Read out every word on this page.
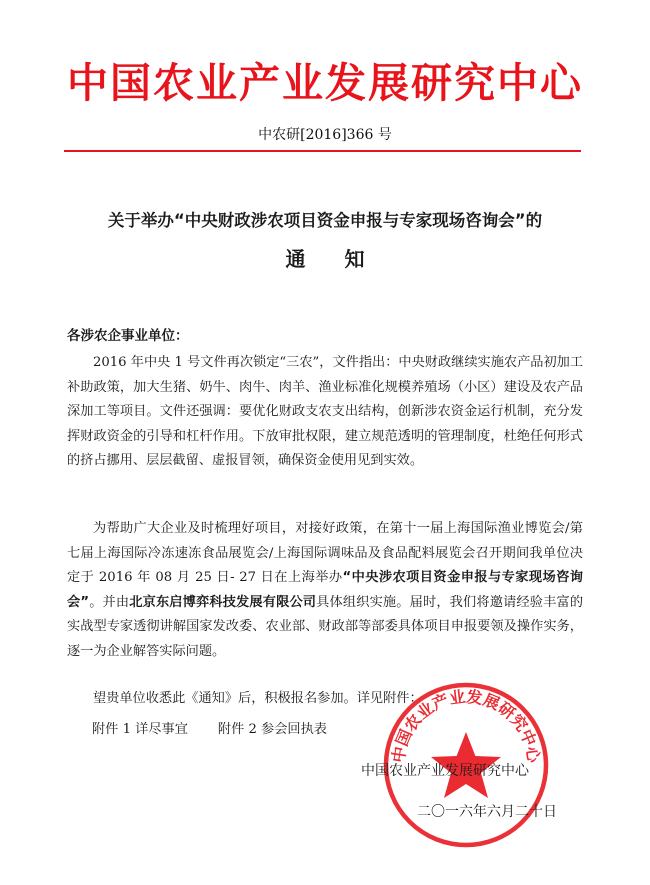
中国农业产业发展研究中心
中农研[2016]366 号
关于举办“中央财政涉农项目资金申报与专家现场咨询会”的
通 知
各涉农企事业单位：

2016 年中央 1 号文件再次锁定“三农”，文件指出：中央财政继续实施农产品初加工补助政策，加大生猪、奶牛、肉牛、肉羊、渔业标准化规模养殖场（小区）建设及农产品深加工等项目。文件还强调：要优化财政支农支出结构，创新涉农资金运行机制，充分发挥财政资金的引导和杠杆作用。下放审批权限，建立规范透明的管理制度，杜绝任何形式的挤占挪用、层层截留、虚报冒领，确保资金使用见到实效。

为帮助广大企业及时梳理好项目，对接好政策，在第十一届上海国际渔业博览会/第七届上海国际冷冻速冻食品展览会/上海国际调味品及食品配料展览会召开期间我单位决定于 2016 年 08 月 25 日- 27 日在上海举办“中央涉农项目资金申报与专家现场咨询会”。并由北京东启博弈科技发展有限公司具体组织实施。届时，我们将邀请经验丰富的实战型专家透彻讲解国家发改委、农业部、财政部等部委具体项目申报要领及操作实务，逐一为企业解答实际问题。

望贵单位收悉此《通知》后，积极报名参加。详见附件：

附件 1 详尽事宜 附件 2 参会回执表
中国农业产业发展研究中心
中国农业产业发展研究中心
二〇一六年六月二十日
